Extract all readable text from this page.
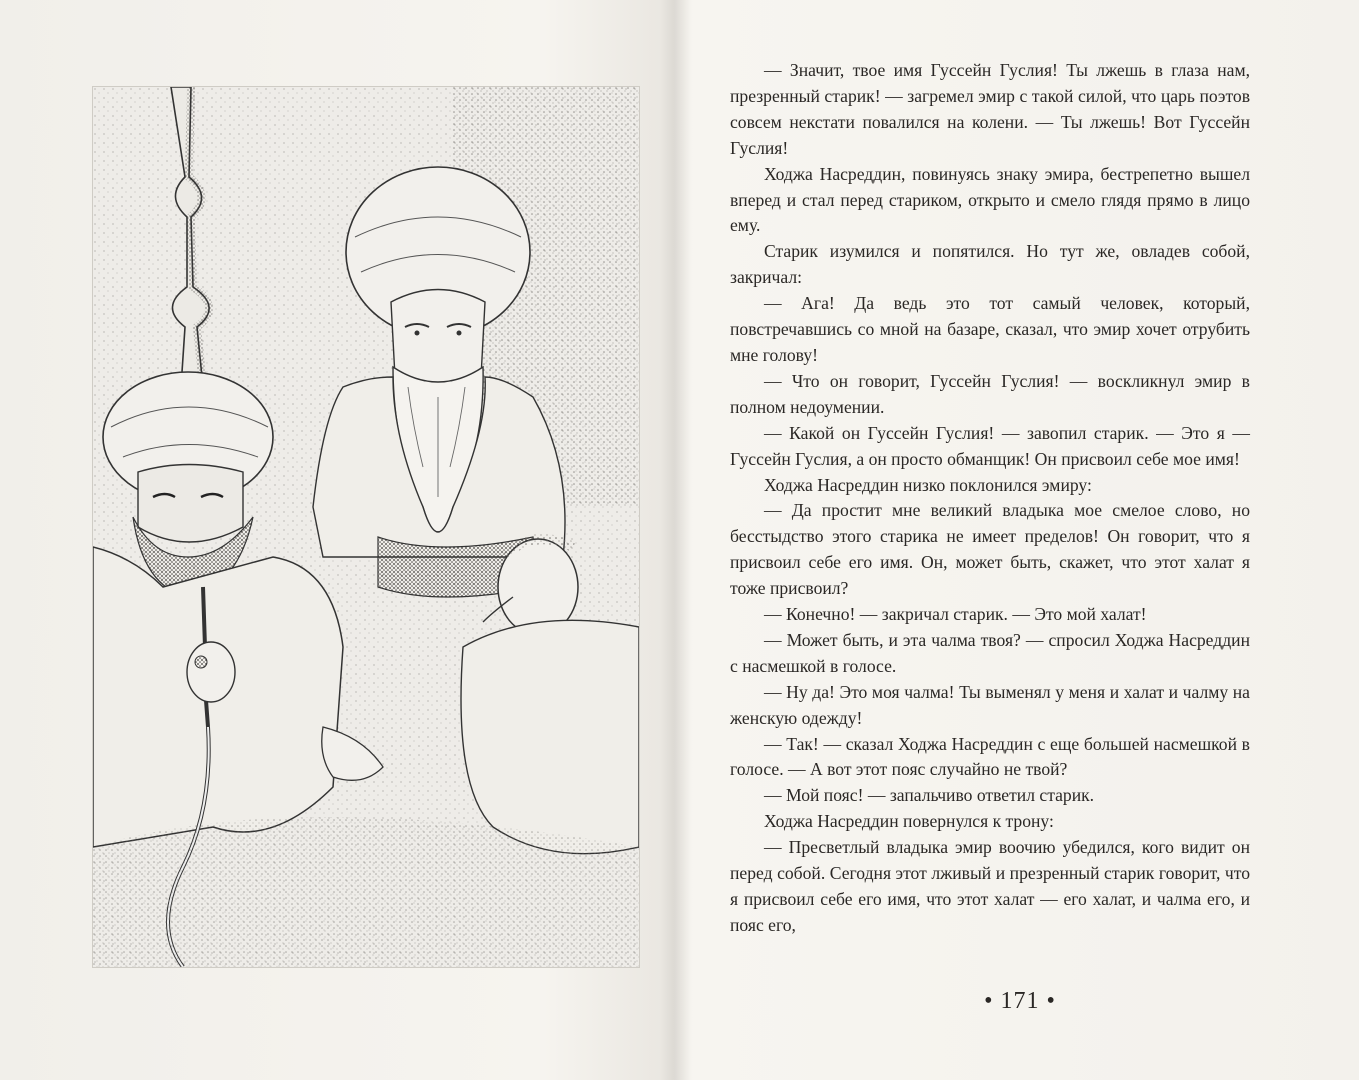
— Значит, твое имя Гуссейн Гуслия! Ты лжешь в глаза нам, презренный старик! — загремел эмир с такой силой, что царь поэтов совсем некстати повалился на колени. — Ты лжешь! Вот Гуссейн Гуслия!

Ходжа Насреддин, повинуясь знаку эмира, бестрепетно вышел вперед и стал перед стариком, открыто и смело глядя прямо в лицо ему.

Старик изумился и попятился. Но тут же, овладев собой, закричал:

— Ага! Да ведь это тот самый человек, который, повстречавшись со мной на базаре, сказал, что эмир хочет отрубить мне голову!

— Что он говорит, Гуссейн Гуслия! — воскликнул эмир в полном недоумении.

— Какой он Гуссейн Гуслия! — завопил старик. — Это я — Гуссейн Гуслия, а он просто обманщик! Он присвоил себе мое имя!

Ходжа Насреддин низко поклонился эмиру:

— Да простит мне великий владыка мое смелое слово, но бесстыдство этого старика не имеет пределов! Он говорит, что я присвоил себе его имя. Он, может быть, скажет, что этот халат я тоже присвоил?

— Конечно! — закричал старик. — Это мой халат!

— Может быть, и эта чалма твоя? — спросил Ходжа Насреддин с насмешкой в голосе.

— Ну да! Это моя чалма! Ты выменял у меня и халат и чалму на женскую одежду!

— Так! — сказал Ходжа Насреддин с еще большей насмешкой в голосе. — А вот этот пояс случайно не твой?

— Мой пояс! — запальчиво ответил старик.

Ходжа Насреддин повернулся к трону:

— Пресветлый владыка эмир воочию убедился, кого видит он перед собой. Сегодня этот лживый и презренный старик говорит, что я присвоил себе его имя, что этот халат — его халат, и чалма его, и пояс его,

• 171 •
